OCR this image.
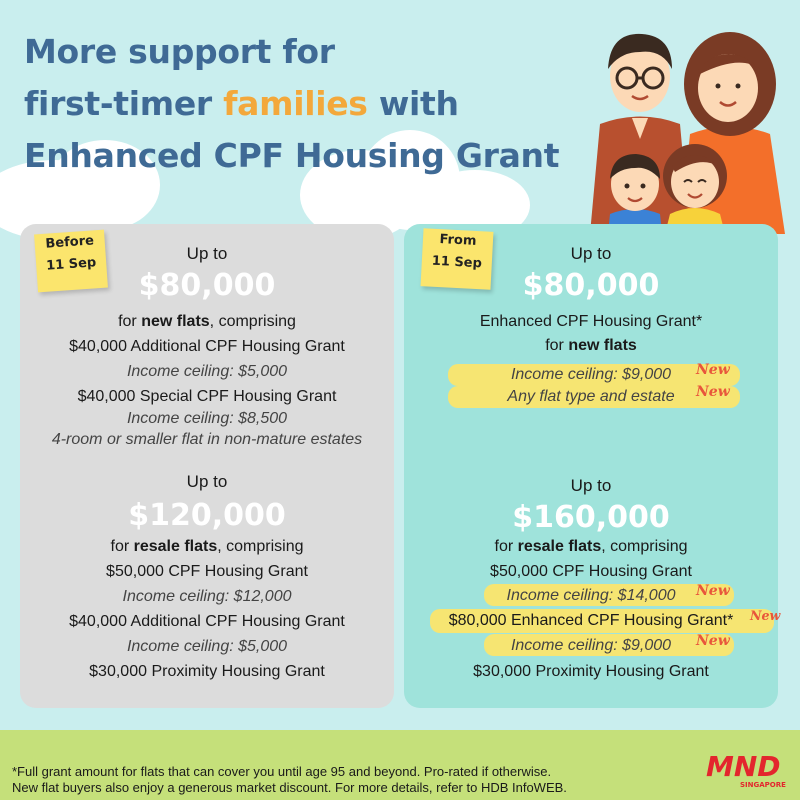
More support for
first-timer families with
Enhanced CPF Housing Grant
Up to
$80,000
for new flats, comprising
$40,000 Additional CPF Housing Grant
Income ceiling: $5,000
$40,000 Special CPF Housing Grant
Income ceiling: $8,500
4-room or smaller flat in non-mature estates
Up to
$120,000
for resale flats, comprising
$50,000 CPF Housing Grant
Income ceiling: $12,000
$40,000 Additional CPF Housing Grant
Income ceiling: $5,000
$30,000 Proximity Housing Grant
Before
11 Sep
Up to
$80,000
Enhanced CPF Housing Grant*
for new flats
Income ceiling: $9,000
Any flat type and estate
Up to
$160,000
for resale flats, comprising
$50,000 CPF Housing Grant
Income ceiling: $14,000
$80,000 Enhanced CPF Housing Grant*
Income ceiling: $9,000
$30,000 Proximity Housing Grant
New
New
New
New
New
From
11 Sep
*Full grant amount for flats that can cover you until age 95 and beyond. Pro-rated if otherwise.
New flat buyers also enjoy a generous market discount. For more details, refer to HDB InfoWEB.
MND
SINGAPORE
